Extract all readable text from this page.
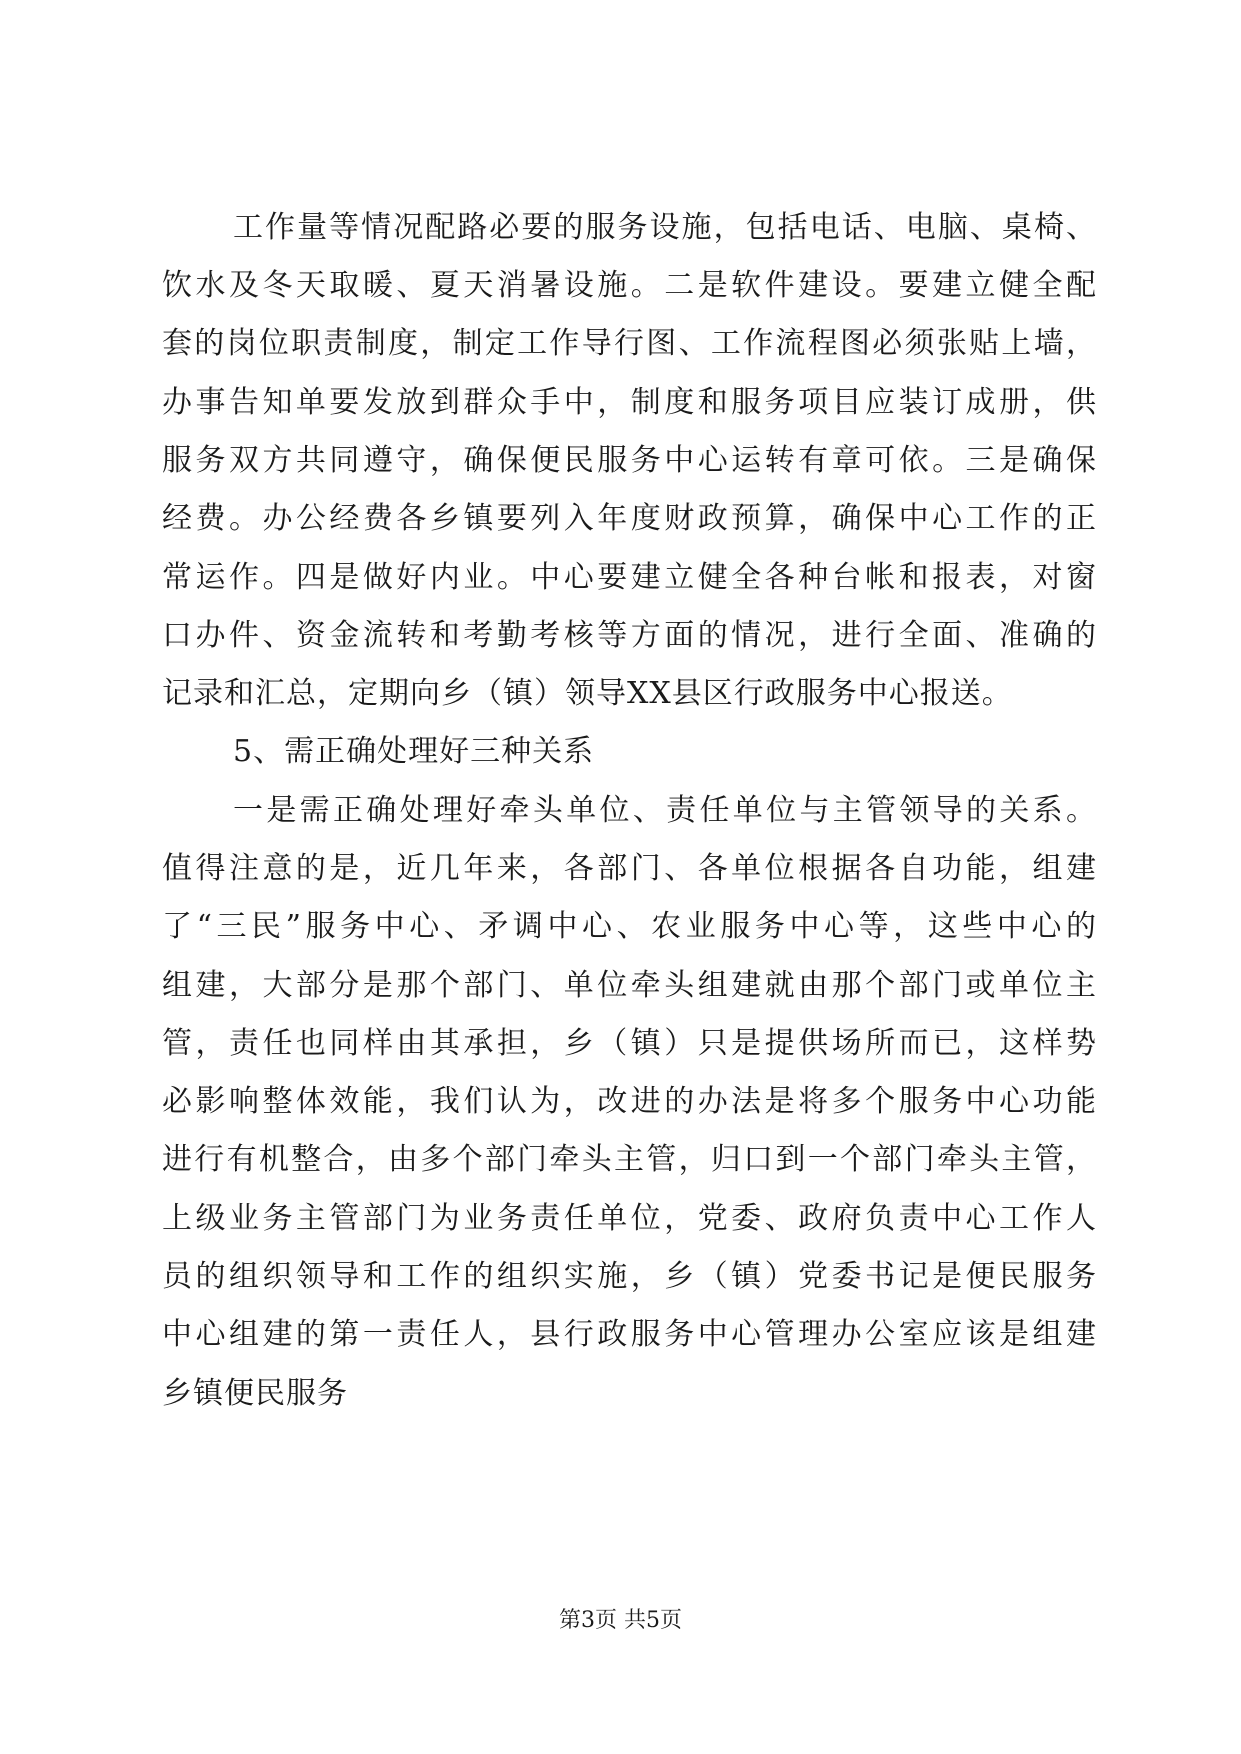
工作量等情况配路必要的服务设施，包括电话、电脑、桌椅、
饮水及冬天取暖、夏天消暑设施。二是软件建设。要建立健全配
套的岗位职责制度，制定工作导行图、工作流程图必须张贴上墙，
办事告知单要发放到群众手中，制度和服务项目应装订成册，供
服务双方共同遵守，确保便民服务中心运转有章可依。三是确保
经费。办公经费各乡镇要列入年度财政预算，确保中心工作的正
常运作。四是做好内业。中心要建立健全各种台帐和报表，对窗
口办件、资金流转和考勤考核等方面的情况，进行全面、准确的
记录和汇总，定期向乡（镇）领导XX县区行政服务中心报送。
5、需正确处理好三种关系
一是需正确处理好牵头单位、责任单位与主管领导的关系。
值得注意的是，近几年来，各部门、各单位根据各自功能，组建
了“三民”服务中心、矛调中心、农业服务中心等，这些中心的
组建，大部分是那个部门、单位牵头组建就由那个部门或单位主
管，责任也同样由其承担，乡（镇）只是提供场所而已，这样势
必影响整体效能，我们认为，改进的办法是将多个服务中心功能
进行有机整合，由多个部门牵头主管，归口到一个部门牵头主管，
上级业务主管部门为业务责任单位，党委、政府负责中心工作人
员的组织领导和工作的组织实施，乡（镇）党委书记是便民服务
中心组建的第一责任人，县行政服务中心管理办公室应该是组建
乡镇便民服务
第3页 共5页
